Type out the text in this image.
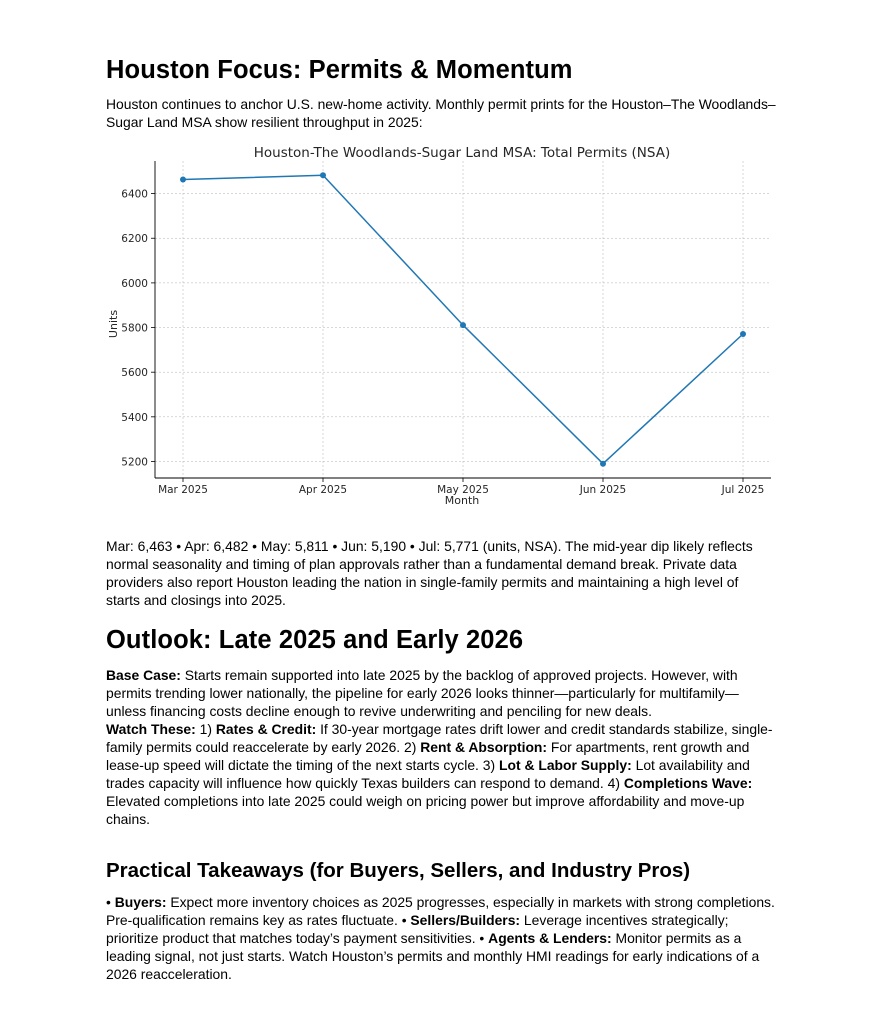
Houston Focus: Permits & Momentum

Houston continues to anchor U.S. new-home activity. Monthly permit prints for the Houston–The Woodlands–Sugar Land MSA show resilient throughput in 2025:

Houston-The Woodlands-Sugar Land MSA: Total Permits (NSA)
5200
5400
5600
5800
6000
6200
6400
Mar 2025	Apr 2025	May 2025	Jun 2025	Jul 2025
Month
Units

Mar: 6,463 • Apr: 6,482 • May: 5,811 • Jun: 5,190 • Jul: 5,771 (units, NSA). The mid-year dip likely reflects normal seasonality and timing of plan approvals rather than a fundamental demand break. Private data providers also report Houston leading the nation in single-family permits and maintaining a high level of starts and closings into 2025.

Outlook: Late 2025 and Early 2026

Base Case: Starts remain supported into late 2025 by the backlog of approved projects. However, with permits trending lower nationally, the pipeline for early 2026 looks thinner—particularly for multifamily—unless financing costs decline enough to revive underwriting and penciling for new deals.
Watch These: 1) Rates & Credit: If 30-year mortgage rates drift lower and credit standards stabilize, single-family permits could reaccelerate by early 2026. 2) Rent & Absorption: For apartments, rent growth and lease-up speed will dictate the timing of the next starts cycle. 3) Lot & Labor Supply: Lot availability and trades capacity will influence how quickly Texas builders can respond to demand. 4) Completions Wave: Elevated completions into late 2025 could weigh on pricing power but improve affordability and move-up chains.

Practical Takeaways (for Buyers, Sellers, and Industry Pros)

• Buyers: Expect more inventory choices as 2025 progresses, especially in markets with strong completions. Pre-qualification remains key as rates fluctuate. • Sellers/Builders: Leverage incentives strategically; prioritize product that matches today’s payment sensitivities. • Agents & Lenders: Monitor permits as a leading signal, not just starts. Watch Houston’s permits and monthly HMI readings for early indications of a 2026 reacceleration.
